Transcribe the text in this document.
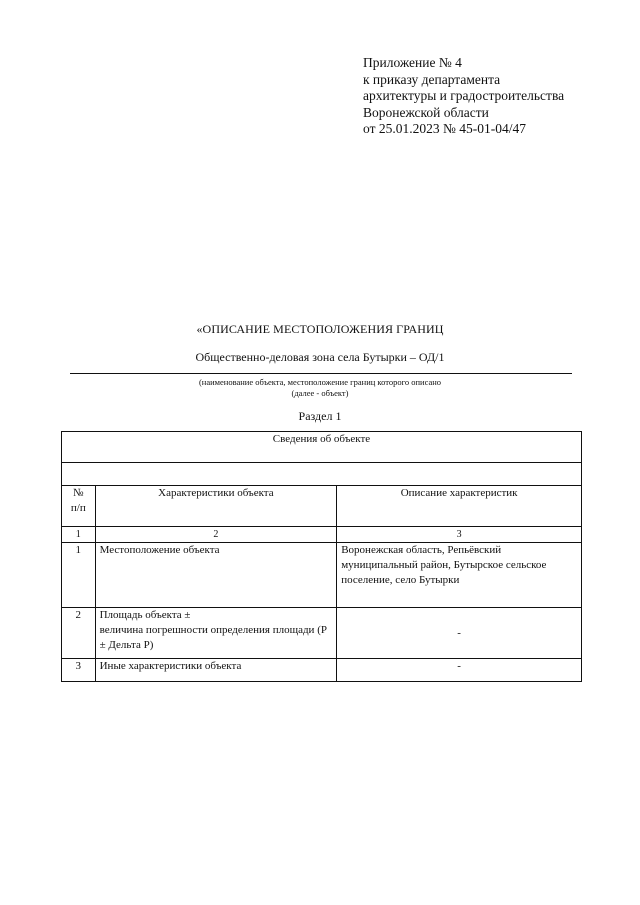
Приложение № 4
к приказу департамента
архитектуры и градостроительства
Воронежской области
от 25.01.2023 № 45-01-04/47
«ОПИСАНИЕ МЕСТОПОЛОЖЕНИЯ ГРАНИЦ
Общественно-деловая зона села Бутырки – ОД/1
(наименование объекта, местоположение границ которого описано
(далее - объект)
Раздел 1
Сведения об объекте		

№
п/п	Характеристики объекта	Описание характеристик
1	2	3
1	Местоположение объекта	Воронежская область, Репьёвский муниципальный район, Бутырское сельское поселение, село Бутырки
2	Площадь объекта ±
величина погрешности определения площади (P ± Дельта P)	-
3	Иные характеристики объекта	-
